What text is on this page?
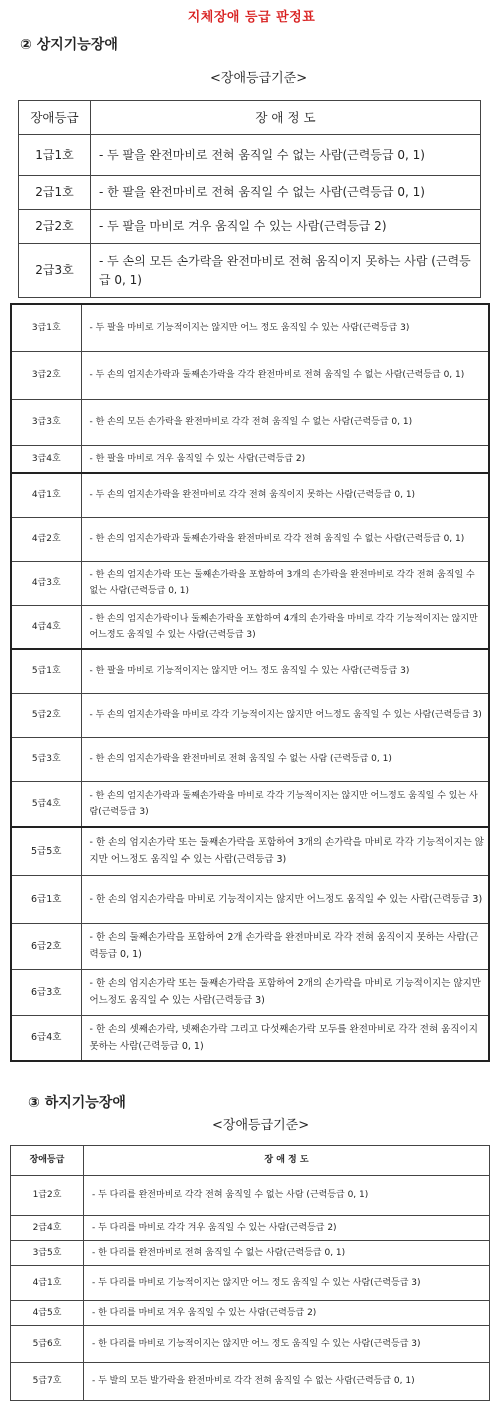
지체장애 등급 판정표
② 상지기능장애
<장애등급기준>
장애등급	장 애 정 도
1급1호	- 두 팔을 완전마비로 전혀 움직일 수 없는 사람(근력등급 0, 1)
2급1호	- 한 팔을 완전마비로 전혀 움직일 수 없는 사람(근력등급 0, 1)
2급2호	- 두 팔을 마비로 겨우 움직일 수 있는 사람(근력등급 2)
2급3호	- 두 손의 모든 손가락을 완전마비로 전혀 움직이지 못하는 사람 (근력등급 0, 1)
3급1호	- 두 팔을 마비로 기능적이지는 않지만 어느 정도 움직일 수 있는 사람(근력등급 3)
3급2호	- 두 손의 엄지손가락과 둘째손가락을 각각 완전마비로 전혀 움직일 수 없는 사람(근력등급 0, 1)
3급3호	- 한 손의 모든 손가락을 완전마비로 각각 전혀 움직일 수 없는 사람(근력등급 0, 1)
3급4호	- 한 팔을 마비로 겨우 움직일 수 있는 사람(근력등급 2)
4급1호	- 두 손의 엄지손가락을 완전마비로 각각 전혀 움직이지 못하는 사람(근력등급 0, 1)
4급2호	- 한 손의 엄지손가락과 둘째손가락을 완전마비로 각각 전혀 움직일 수 없는 사람(근력등급 0, 1)
4급3호	- 한 손의 엄지손가락 또는 둘째손가락을 포함하여 3개의 손가락을 완전마비로 각각 전혀 움직일 수 없는 사람(근력등급 0, 1)
4급4호	- 한 손의 엄지손가락이나 둘째손가락을 포함하여 4개의 손가락을 마비로 각각 기능적이지는 않지만 어느정도 움직일 수 있는 사람(근력등급 3)
5급1호	- 한 팔을 마비로 기능적이지는 않지만 어느 정도 움직일 수 있는 사람(근력등급 3)
5급2호	- 두 손의 엄지손가락을 마비로 각각 기능적이지는 않지만 어느정도 움직일 수 있는 사람(근력등급 3)
5급3호	- 한 손의 엄지손가락을 완전마비로 전혀 움직일 수 없는 사람 (근력등급 0, 1)
5급4호	- 한 손의 엄지손가락과 둘째손가락을 마비로 각각 기능적이지는 않지만 어느정도 움직일 수 있는 사람(근력등급 3)
5급5호	- 한 손의 엄지손가락 또는 둘째손가락을 포함하여 3개의 손가락을 마비로 각각 기능적이지는 않지만 어느정도 움직일 수 있는 사람(근력등급 3)
6급1호	- 한 손의 엄지손가락을 마비로 기능적이지는 않지만 어느정도 움직일 수 있는 사람(근력등급 3)
6급2호	- 한 손의 둘째손가락을 포함하여 2개 손가락을 완전마비로 각각 전혀 움직이지 못하는 사람(근력등급 0, 1)
6급3호	- 한 손의 엄지손가락 또는 둘째손가락을 포함하여 2개의 손가락을 마비로 기능적이지는 않지만 어느정도 움직일 수 있는 사람(근력등급 3)
6급4호	- 한 손의 셋째손가락, 넷째손가락 그리고 다섯째손가락 모두를 완전마비로 각각 전혀 움직이지 못하는 사람(근력등급 0, 1)
③ 하지기능장애
<장애등급기준>
장애등급	장 애 정 도
1급2호	- 두 다리를 완전마비로 각각 전혀 움직일 수 없는 사람 (근력등급 0, 1)
2급4호	- 두 다리를 마비로 각각 겨우 움직일 수 있는 사람(근력등급 2)
3급5호	- 한 다리를 완전마비로 전혀 움직일 수 없는 사람(근력등급 0, 1)
4급1호	- 두 다리를 마비로 기능적이지는 않지만 어느 정도 움직일 수 있는 사람(근력등급 3)
4급5호	- 한 다리를 마비로 겨우 움직일 수 있는 사람(근력등급 2)
5급6호	- 한 다리를 마비로 기능적이지는 않지만 어느 정도 움직일 수 있는 사람(근력등급 3)
5급7호	- 두 발의 모든 발가락을 완전마비로 각각 전혀 움직일 수 없는 사람(근력등급 0, 1)
